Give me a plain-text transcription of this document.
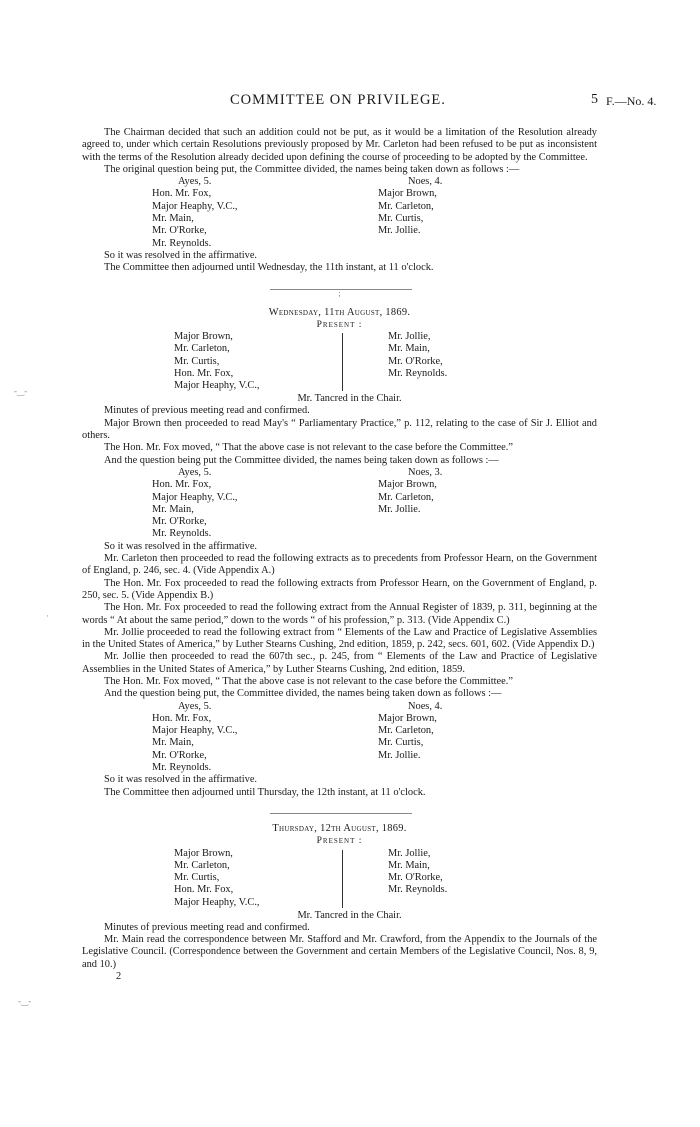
COMMITTEE ON PRIVILEGE.	5 F.—No. 4.
-‿-
·
-‿-

The Chairman decided that such an addition could not be put, as it would be a limitation of the Resolution already agreed to, under which certain Resolutions previously proposed by Mr. Carleton had been refused to be put as inconsistent with the terms of the Resolution already decided upon defining the course of proceeding to be adopted by the Committee.

The original question being put, the Committee divided, the names being taken down as follows :—

Ayes, 5.
Hon. Mr. Fox,
Major Heaphy, V.C.,
Mr. Main,
Mr. O'Rorke,
Mr. Reynolds.
Noes, 4.
Major Brown,
Mr. Carleton,
Mr. Curtis,
Mr. Jollie.

So it was resolved in the affirmative.

The Committee then adjourned until Wednesday, the 11th instant, at 11 o'clock.

;
Wednesday, 11th August, 1869.
Present :
Major Brown,
Mr. Carleton,
Mr. Curtis,
Hon. Mr. Fox,
Major Heaphy, V.C.,
Mr. Jollie,
Mr. Main,
Mr. O'Rorke,
Mr. Reynolds.
Mr. Tancred in the Chair.

Minutes of previous meeting read and confirmed.

Major Brown then proceeded to read May's “ Parliamentary Practice,” p. 112, relating to the case of Sir J. Elliot and others.

The Hon. Mr. Fox moved, “ That the above case is not relevant to the case before the Committee.”

And the question being put the Committee divided, the names being taken down as follows :—

Ayes, 5.
Hon. Mr. Fox,
Major Heaphy, V.C.,
Mr. Main,
Mr. O'Rorke,
Mr. Reynolds.
Noes, 3.
Major Brown,
Mr. Carleton,
Mr. Jollie.

So it was resolved in the affirmative.

Mr. Carleton then proceeded to read the following extracts as to precedents from Professor Hearn, on the Government of England, p. 246, sec. 4. (Vide Appendix A.)

The Hon. Mr. Fox proceeded to read the following extracts from Professor Hearn, on the Government of England, p. 250, sec. 5. (Vide Appendix B.)

The Hon. Mr. Fox proceeded to read the following extract from the Annual Register of 1839, p. 311, beginning at the words “ At about the same period,” down to the words “ of his profession,” p. 313. (Vide Appendix C.)

Mr. Jollie proceeded to read the following extract from “ Elements of the Law and Practice of Legislative Assemblies in the United States of America,” by Luther Stearns Cushing, 2nd edition, 1859, p. 242, secs. 601, 602. (Vide Appendix D.)

Mr. Jollie then proceeded to read the 607th sec., p. 245, from “ Elements of the Law and Practice of Legislative Assemblies in the United States of America,” by Luther Stearns Cushing, 2nd edition, 1859.

The Hon. Mr. Fox moved, “ That the above case is not relevant to the case before the Committee.”

And the question being put, the Committee divided, the names being taken down as follows :—

Ayes, 5.
Hon. Mr. Fox,
Major Heaphy, V.C.,
Mr. Main,
Mr. O'Rorke,
Mr. Reynolds.
Noes, 4.
Major Brown,
Mr. Carleton,
Mr. Curtis,
Mr. Jollie.

So it was resolved in the affirmative.

The Committee then adjourned until Thursday, the 12th instant, at 11 o'clock.

Thursday, 12th August, 1869.
Present :
Major Brown,
Mr. Carleton,
Mr. Curtis,
Hon. Mr. Fox,
Major Heaphy, V.C.,
Mr. Jollie,
Mr. Main,
Mr. O'Rorke,
Mr. Reynolds.
Mr. Tancred in the Chair.

Minutes of previous meeting read and confirmed.

Mr. Main read the correspondence between Mr. Stafford and Mr. Crawford, from the Appendix to the Journals of the Legislative Council. (Correspondence between the Government and certain Members of the Legislative Council, Nos. 8, 9, and 10.)

2
